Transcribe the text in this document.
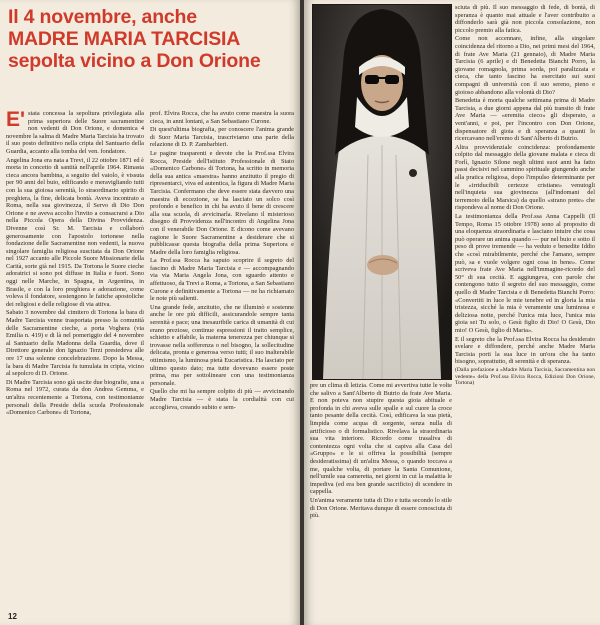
Il 4 novembre, anche
MADRE MARIA TARCISIA
sepolta vicino a Don Orione
E' stata concessa la sepoltura privilegiata alla prima superiora delle Suore sacramentine non vedenti di Don Orione, e domenica 4 novembre la salma di Madre Maria Tarcisia ha trovato il suo posto definitivo nella cripta del Santuario della Guardia, accanto alla tomba del ven. fondatore.

Angelina Jona era nata a Trevi, il 22 ottobre 1871 ed è morta in concetto di santità nell'aprile 1964. Rimasta cieca ancora bambina, a seguito del vaiolo, è vissuta per 90 anni del buio, edificando e meravigliando tutti con la sua gioiosa serenità, lo straordinario spirito di preghiera, la fine, delicata bontà. Aveva incontrato a Roma, nella sua giovinezza, il Servo di Dio Don Orione e ne aveva accolto l'invito a consacrarsi a Dio nella Piccola Opera della Divina Provvidenza. Divenne così Sr. M. Tarcisia e collaborò generosamente con l'apostolo tortonese nella fondazione delle Sacramentine non vedenti, la nuova singolare famiglia religiosa suscitata da Don Orione nel 1927 accanto alle Piccole Suore Missionarie della Carità, sorte già nel 1915. Da Tortona le Suore cieche adoratrici si sono poi diffuse in Italia e fuori. Sono oggi nelle Marche, in Spagna, in Argentina, in Brasile, e con la loro preghiera e adorazione, come voleva il fondatore, sostengono le fatiche apostoliche dei religiosi e delle religiose di via attiva.

Sabato 3 novembre dal cimitero di Tortona la bara di Madre Tarcisia venne trasportata presso la comunità delle Sacramentine cieche, a porta Voghera (via Emilia n. 419) e di là nel pomeriggio del 4 novembre al Santuario della Madonna della Guardia, dove il Direttore generale don Ignazio Terzi presiedeva alle ore 17 una solenne concelebrazione. Dopo la Messa, la bara di Madre Tarcisia fu tumulata in cripta, vicino al sepolcro di D. Orione.

Di Madre Tarcisia sono già uscite due biografie, una a Roma nel 1972, curata da don Andrea Gemma, e un'altra recentemente a Tortona, con testimonianze personali della Preside della scuola Professionale «Domenico Carbone» di Tortona,

prof. Elvira Rocca, che ha avuto come maestra la suora cieca, in anni lontani, a San Sebastiano Curone.

Di quest'ultima biografia, per conoscere l'anima grande di Suor Maria Tarcisia, trascriviamo una parte della relazione di D. P. Zambarbieri.

Le pagine trasparenti e devote che la Prof.ssa Elvira Rocca, Preside dell'Istituto Professionale di Stato «Domenico Carbone» di Tortona, ha scritto in memoria della sua antica «maestra» hanno anzitutto il pregio di ripresentarci, viva ed autentica, la figura di Madre Maria Tarcisia. Confermano che deve essere stata davvero una maestra di eccezione, se ha lasciato un solco così profondo e benefico in chi ha avuto il bene di crescere alla sua scuola, di avvicinarla. Rivelano il misterioso disegno di Provvidenza nell'incontro di Angelina Jona con il venerabile Don Orione. E dicono come avevano ragione le Suore Sacramentine a desiderare che si pubblicasse questa biografia della prima Superiora e Madre della loro famiglia religiosa.

La Prof.ssa Rocca ha saputo scoprire il segreto del fascino di Madre Maria Tarcisia e — accompagnando via via Maria Angela Jona, con sguardo attento e affettuoso, da Trevi a Roma, a Tortona, a San Sebastiano Curone e definitivamente a Tortona — ne ha richiamato le note più salienti.

Una grande fede, anzitutto, che ne illuminò e sostenne anche le ore più difficili, assicurandole sempre tanta serenità e pace; una inesauribile carica di umanità di cui erano preziose, continue espressioni il tratto semplice, schietto e affabile, la materna tenerezza per chiunque si trovasse nella sofferenza o nel bisogno, la sollecitudine delicata, pronta e generosa verso tutti; il suo inalterabile ottimismo, la luminosa pietà Eucaristica. Ha lasciato per ultimo questo dato; ma tutte dovevano essere poste prima, ma per sottolineare con una testimonianza personale.

Quello che mi ha sempre colpito di più — avvicinando Madre Tarcisia — è stata la cordialità con cui accoglieva, creando subito e sem-

12

pre un clima di letizia. Come mi avvertiva tutte le volte che salivo a Sant'Alberto di Butrio da frate Ave Maria. E non poteva non stupire questa gioia abituale e profonda in chi aveva sulle spalle e sul cuore la croce tanto pesante della cecità. Così, edificava la sua pietà, limpida come acqua di sorgente, senza nulla di artificioso o di formalistico. Rivelava la straordinaria sua vita interiore. Ricordo come trasaliva di contentezza ogni volta che si capiva alla Casa del «Gruppo» e le si offriva la possibilità (sempre desideratissima) di un'altra Messa, o quando toccava a me, qualche volta, di portare la Santa Comunione, nell'umile sua cameretta, nei giorni in cui la malattia le impediva (ed era ben grande sacrificio) di scendere in cappella.

Un'anima veramente tutta di Dio e tutta secondo lo stile di Don Orione. Meritava dunque di essere conosciuta di più.

sciuta di più. Il suo messaggio di fede, di bontà, di speranza è quanto mai attuale e l'aver contribuito a diffonderlo sarà già non piccola consolazione, non piccolo premio alla fatica.

Come non accennare, infine, alla singolare coincidenza del ritorno a Dio, nei primi mesi del 1964, di frate Ave Maria (21 gennaio), di Madre Maria Tarcisia (6 aprile) e di Benedetta Bianchi Porro, la giovane romagnola, prima sorda, poi paralizzata e cieca, che tanto fascino ha esercitato sui suoi compagni di università con il suo sereno, pieno e gioioso abbandono alla volontà di Dio?

Benedetta è morta qualche settimana prima di Madre Tarcisia, a due giorni appena dal più transito di frate Ave Maria — «eremita cieco» gli disperato, a vent'anni, e poi, per l'incontro con Don Orione, dispensatore di gioia e di speranza a quanti lo ricercavano nell'eremo di Sant'Alberto di Butrio.

Altra provvidenziale coincidenza: profondamente colpito dal messaggio della giovane malata e cieca di Forlì, Ignazio Silone negli ultimi suoi anni ha fatto passi decisivi nel cammino spirituale giungendo anche alla pratica religiosa, dopo l'impulso determinante per le «irriducibili certezze cristiane» venutogli nell'inquieta sua giovinezza (all'indomani del terremoto della Marsica) da quello «strano prete» che rispondeva al nome di Don Orione.

La testimonianza della Prof.ssa Anna Cappelli (Il Tempo, Roma 15 ottobre 1978) sono al proposito di una eloquenza straordinaria e lasciano intuire che cosa può operare un anima quando — pur nel buio e sotto il peso di prove tremende — ha veduto e benedite Iddio che «così mirabilmente, perché che l'amano, sempre può, sa e vuole volgere ogni cosa in bene». Come scriveva frate Ave Maria nell'immagine-ricordo del 50° di sua cecità. E aggiungeva, con parole che contengono tutto il segreto del suo messaggio, come quello di Madre Tarcisia e di Benedetta Bianchi Porro: «Convertiti in luce le mie tenebre ed in gloria la mia tristezza, sicché la mia è veramente una luminosa e deliziosa notte, perché l'unica mia luce, l'unica mia gioia sei Tu solo, o Gesù figlio di Dio! O Gesù, Dio mio! O Gesù, figlio di Maria».

E il segreto che la Prof.ssa Elvira Rocca ha desiderato svelare e diffondere, perché anche Madre Maria Tarcisia porti la sua luce in un'ora che ha tanto bisogno, soprattutto, di serenità e di speranza.

(Dalla prefazione a «Madre Maria Tarcisia, Sacramentina non vedente» della Prof.ssa Elvira Rocca, Edizioni Don Orione, Tortona)
